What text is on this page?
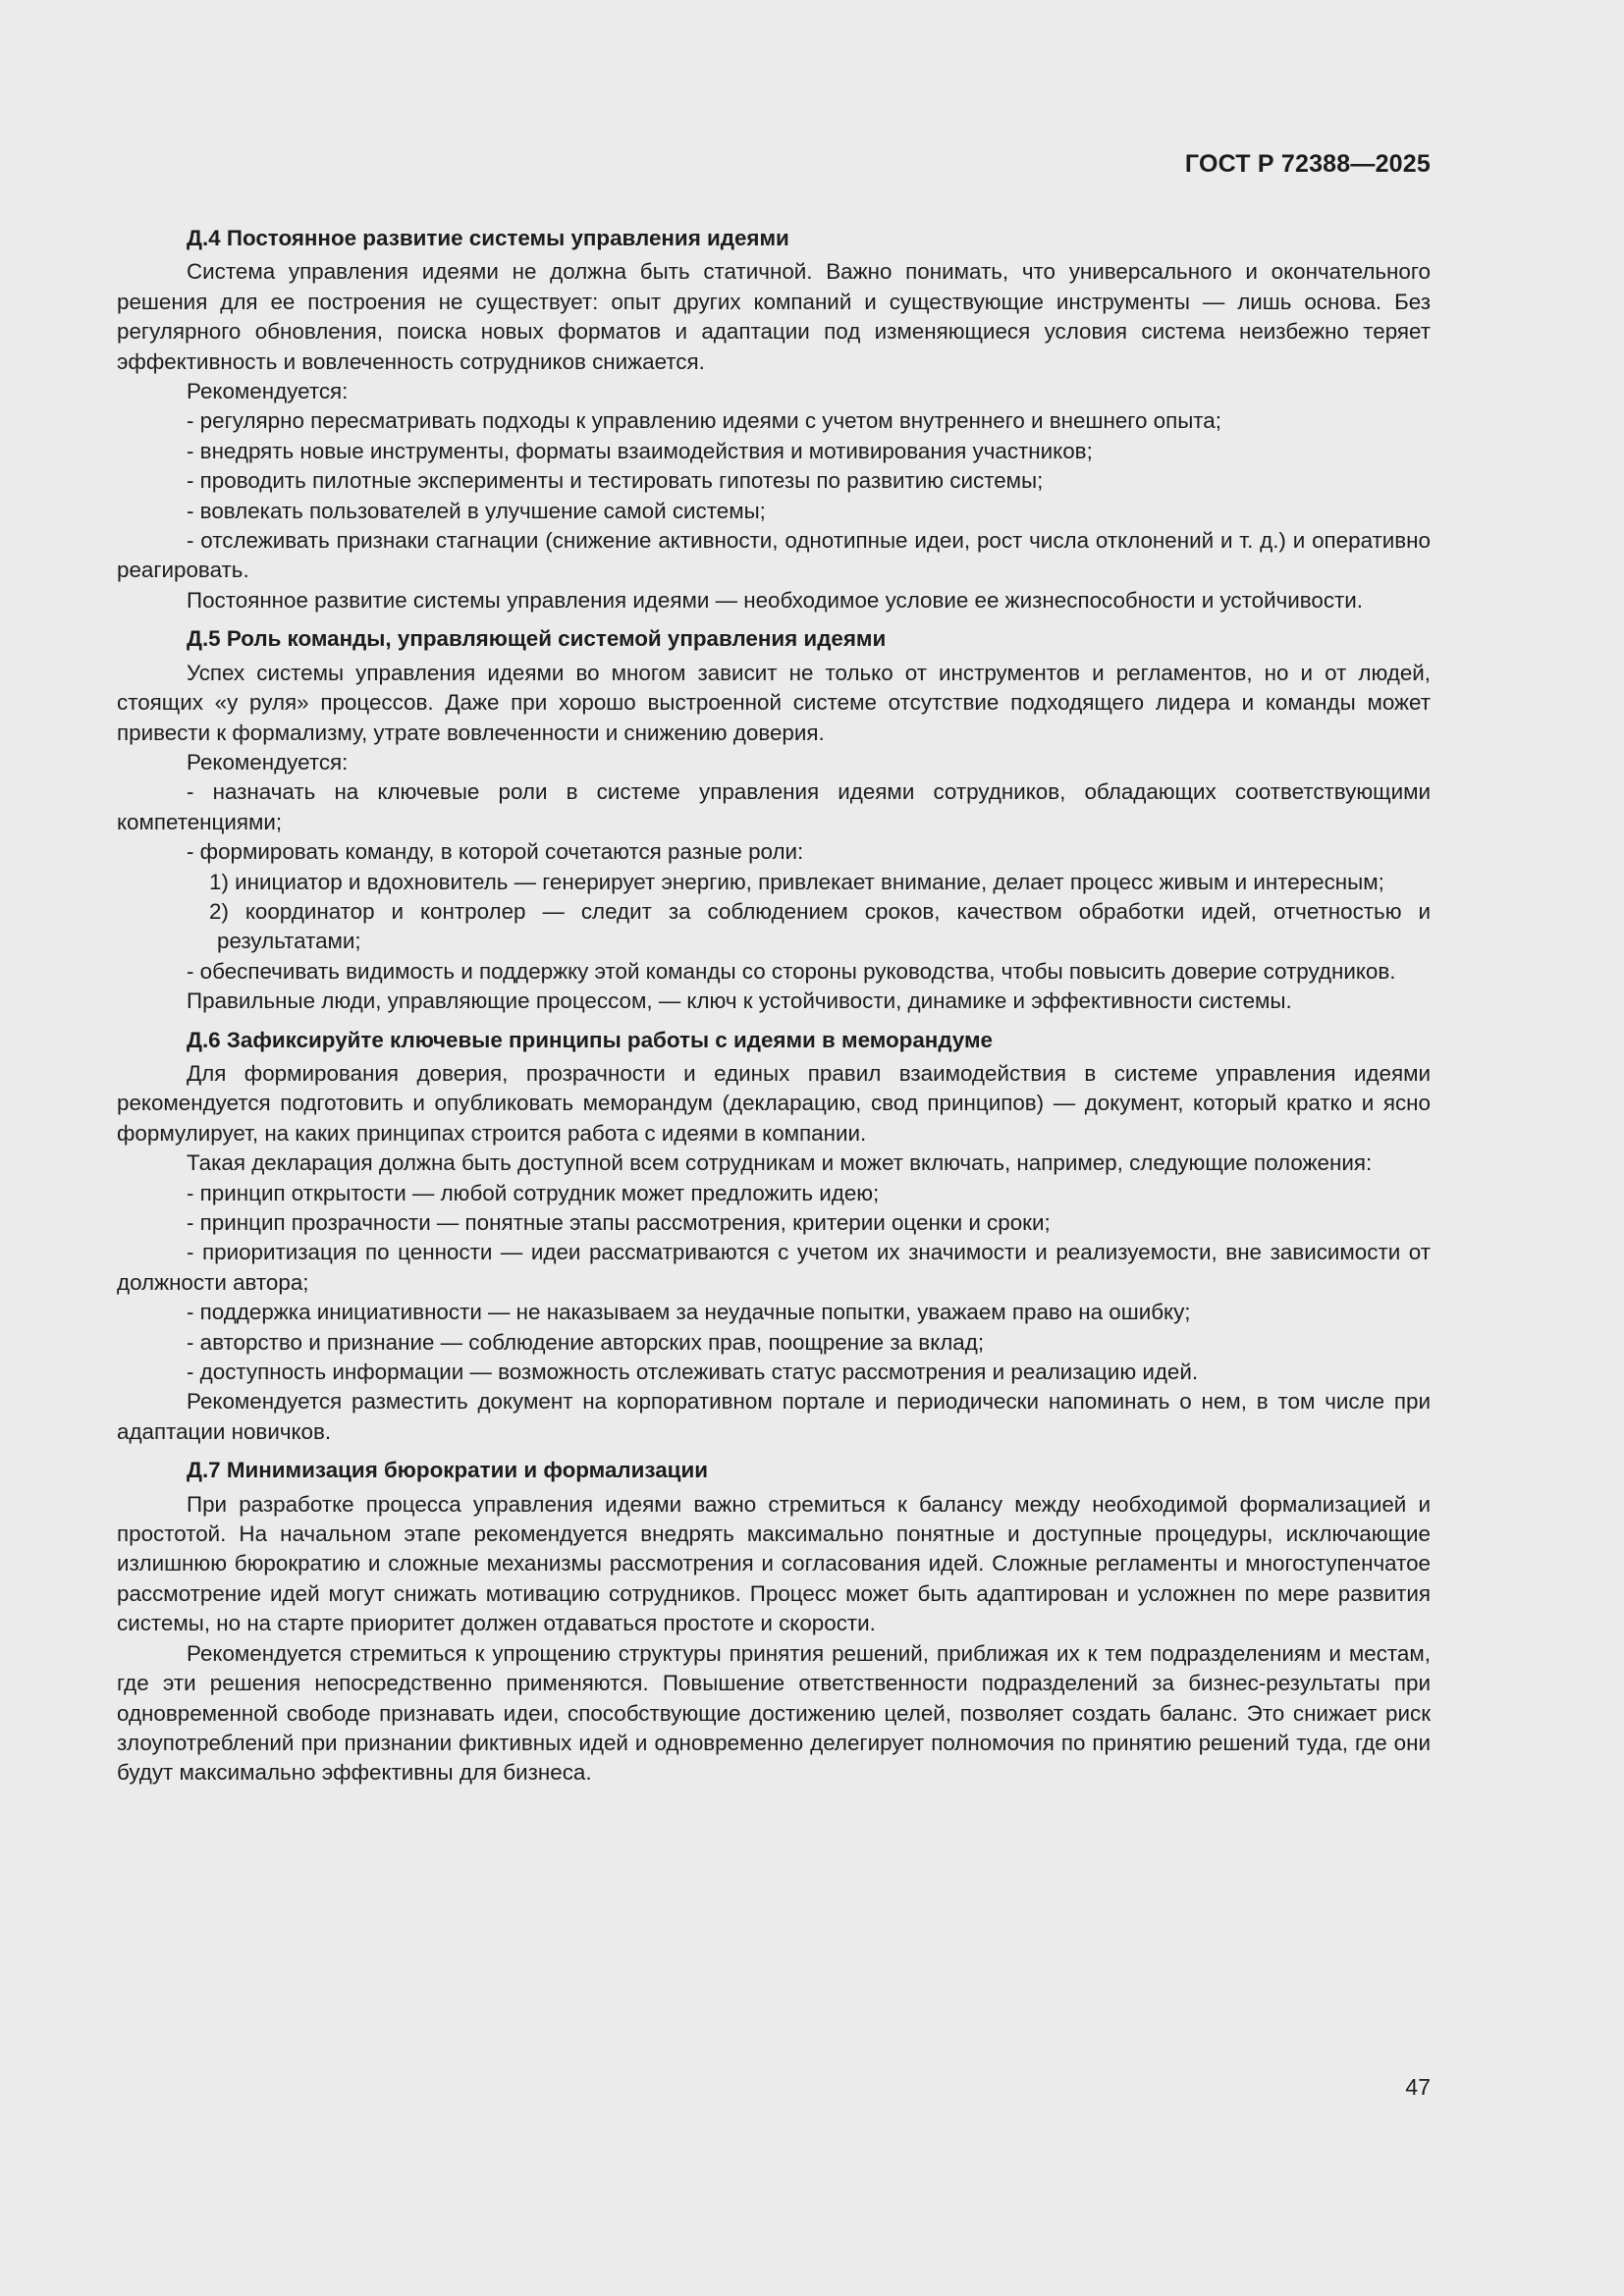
ГОСТ Р 72388—2025
Д.4 Постоянное развитие системы управления идеями
Система управления идеями не должна быть статичной. Важно понимать, что универсального и окончательного решения для ее построения не существует: опыт других компаний и существующие инструменты — лишь основа. Без регулярного обновления, поиска новых форматов и адаптации под изменяющиеся условия система неизбежно теряет эффективность и вовлеченность сотрудников снижается.
Рекомендуется:
- регулярно пересматривать подходы к управлению идеями с учетом внутреннего и внешнего опыта;
- внедрять новые инструменты, форматы взаимодействия и мотивирования участников;
- проводить пилотные эксперименты и тестировать гипотезы по развитию системы;
- вовлекать пользователей в улучшение самой системы;
- отслеживать признаки стагнации (снижение активности, однотипные идеи, рост числа отклонений и т. д.) и оперативно реагировать.
Постоянное развитие системы управления идеями — необходимое условие ее жизнеспособности и устойчивости.
Д.5 Роль команды, управляющей системой управления идеями
Успех системы управления идеями во многом зависит не только от инструментов и регламентов, но и от людей, стоящих «у руля» процессов. Даже при хорошо выстроенной системе отсутствие подходящего лидера и команды может привести к формализму, утрате вовлеченности и снижению доверия.
Рекомендуется:
- назначать на ключевые роли в системе управления идеями сотрудников, обладающих соответствующими компетенциями;
- формировать команду, в которой сочетаются разные роли:
1) инициатор и вдохновитель — генерирует энергию, привлекает внимание, делает процесс живым и интересным;
2) координатор и контролер — следит за соблюдением сроков, качеством обработки идей, отчетностью и результатами;
- обеспечивать видимость и поддержку этой команды со стороны руководства, чтобы повысить доверие сотрудников.
Правильные люди, управляющие процессом, — ключ к устойчивости, динамике и эффективности системы.
Д.6 Зафиксируйте ключевые принципы работы с идеями в меморандуме
Для формирования доверия, прозрачности и единых правил взаимодействия в системе управления идеями рекомендуется подготовить и опубликовать меморандум (декларацию, свод принципов) — документ, который кратко и ясно формулирует, на каких принципах строится работа с идеями в компании.
Такая декларация должна быть доступной всем сотрудникам и может включать, например, следующие положения:
- принцип открытости — любой сотрудник может предложить идею;
- принцип прозрачности — понятные этапы рассмотрения, критерии оценки и сроки;
- приоритизация по ценности — идеи рассматриваются с учетом их значимости и реализуемости, вне зависимости от должности автора;
- поддержка инициативности — не наказываем за неудачные попытки, уважаем право на ошибку;
- авторство и признание — соблюдение авторских прав, поощрение за вклад;
- доступность информации — возможность отслеживать статус рассмотрения и реализацию идей.
Рекомендуется разместить документ на корпоративном портале и периодически напоминать о нем, в том числе при адаптации новичков.
Д.7 Минимизация бюрократии и формализации
При разработке процесса управления идеями важно стремиться к балансу между необходимой формализацией и простотой. На начальном этапе рекомендуется внедрять максимально понятные и доступные процедуры, исключающие излишнюю бюрократию и сложные механизмы рассмотрения и согласования идей. Сложные регламенты и многоступенчатое рассмотрение идей могут снижать мотивацию сотрудников. Процесс может быть адаптирован и усложнен по мере развития системы, но на старте приоритет должен отдаваться простоте и скорости.
Рекомендуется стремиться к упрощению структуры принятия решений, приближая их к тем подразделениям и местам, где эти решения непосредственно применяются. Повышение ответственности подразделений за бизнес-результаты при одновременной свободе признавать идеи, способствующие достижению целей, позволяет создать баланс. Это снижает риск злоупотреблений при признании фиктивных идей и одновременно делегирует полномочия по принятию решений туда, где они будут максимально эффективны для бизнеса.
47
